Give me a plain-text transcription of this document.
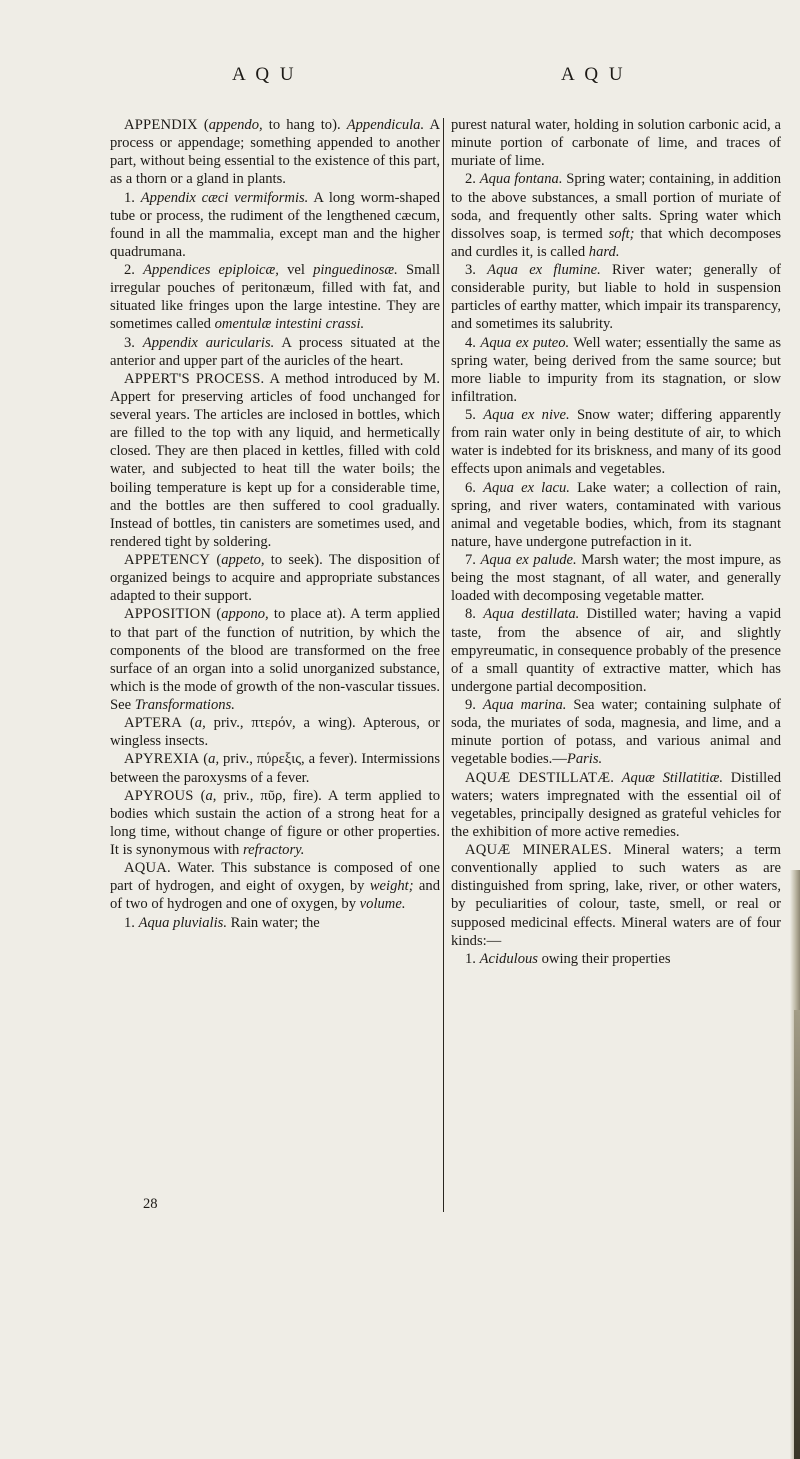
A Q U	A Q U

APPENDIX (appendo, to hang to). Appendicula. A process or appendage; something appended to another part, without being essential to the existence of this part, as a thorn or a gland in plants.

1. Appendix cæci vermiformis. A long worm-shaped tube or process, the rudiment of the lengthened cæcum, found in all the mammalia, except man and the higher quadrumana.

2. Appendices epiploicæ, vel pinguedinosæ. Small irregular pouches of peritonæum, filled with fat, and situated like fringes upon the large intestine. They are sometimes called omentulæ intestini crassi.

3. Appendix auricularis. A process situated at the anterior and upper part of the auricles of the heart.

APPERT'S PROCESS. A method introduced by M. Appert for preserving articles of food unchanged for several years. The articles are inclosed in bottles, which are filled to the top with any liquid, and hermetically closed. They are then placed in kettles, filled with cold water, and subjected to heat till the water boils; the boiling temperature is kept up for a considerable time, and the bottles are then suffered to cool gradually. Instead of bottles, tin canisters are sometimes used, and rendered tight by soldering.

APPETENCY (appeto, to seek). The disposition of organized beings to acquire and appropriate substances adapted to their support.

APPOSITION (appono, to place at). A term applied to that part of the function of nutrition, by which the components of the blood are transformed on the free surface of an organ into a solid unorganized substance, which is the mode of growth of the non-vascular tissues. See Transformations.

APTERA (a, priv., πτερόν, a wing). Apterous, or wingless insects.

APYREXIA (a, priv., πύρεξις, a fever). Intermissions between the paroxysms of a fever.

APYROUS (a, priv., πῦρ, fire). A term applied to bodies which sustain the action of a strong heat for a long time, without change of figure or other properties. It is synonymous with refractory.

AQUA. Water. This substance is composed of one part of hydrogen, and eight of oxygen, by weight; and of two of hydrogen and one of oxygen, by volume.

1. Aqua pluvialis. Rain water; the

28

purest natural water, holding in solution carbonic acid, a minute portion of carbonate of lime, and traces of muriate of lime.

2. Aqua fontana. Spring water; containing, in addition to the above substances, a small portion of muriate of soda, and frequently other salts. Spring water which dissolves soap, is termed soft; that which decomposes and curdles it, is called hard.

3. Aqua ex flumine. River water; generally of considerable purity, but liable to hold in suspension particles of earthy matter, which impair its transparency, and sometimes its salubrity.

4. Aqua ex puteo. Well water; essentially the same as spring water, being derived from the same source; but more liable to impurity from its stagnation, or slow infiltration.

5. Aqua ex nive. Snow water; differing apparently from rain water only in being destitute of air, to which water is indebted for its briskness, and many of its good effects upon animals and vegetables.

6. Aqua ex lacu. Lake water; a collection of rain, spring, and river waters, contaminated with various animal and vegetable bodies, which, from its stagnant nature, have undergone putrefaction in it.

7. Aqua ex palude. Marsh water; the most impure, as being the most stagnant, of all water, and generally loaded with decomposing vegetable matter.

8. Aqua destillata. Distilled water; having a vapid taste, from the absence of air, and slightly empyreumatic, in consequence probably of the presence of a small quantity of extractive matter, which has undergone partial decomposition.

9. Aqua marina. Sea water; containing sulphate of soda, the muriates of soda, magnesia, and lime, and a minute portion of potass, and various animal and vegetable bodies.—Paris.

AQUÆ DESTILLATÆ. Aquæ Stillatitiæ. Distilled waters; waters impregnated with the essential oil of vegetables, principally designed as grateful vehicles for the exhibition of more active remedies.

AQUÆ MINERALES. Mineral waters; a term conventionally applied to such waters as are distinguished from spring, lake, river, or other waters, by peculiarities of colour, taste, smell, or real or supposed medicinal effects. Mineral waters are of four kinds:—

1. Acidulous owing their properties
